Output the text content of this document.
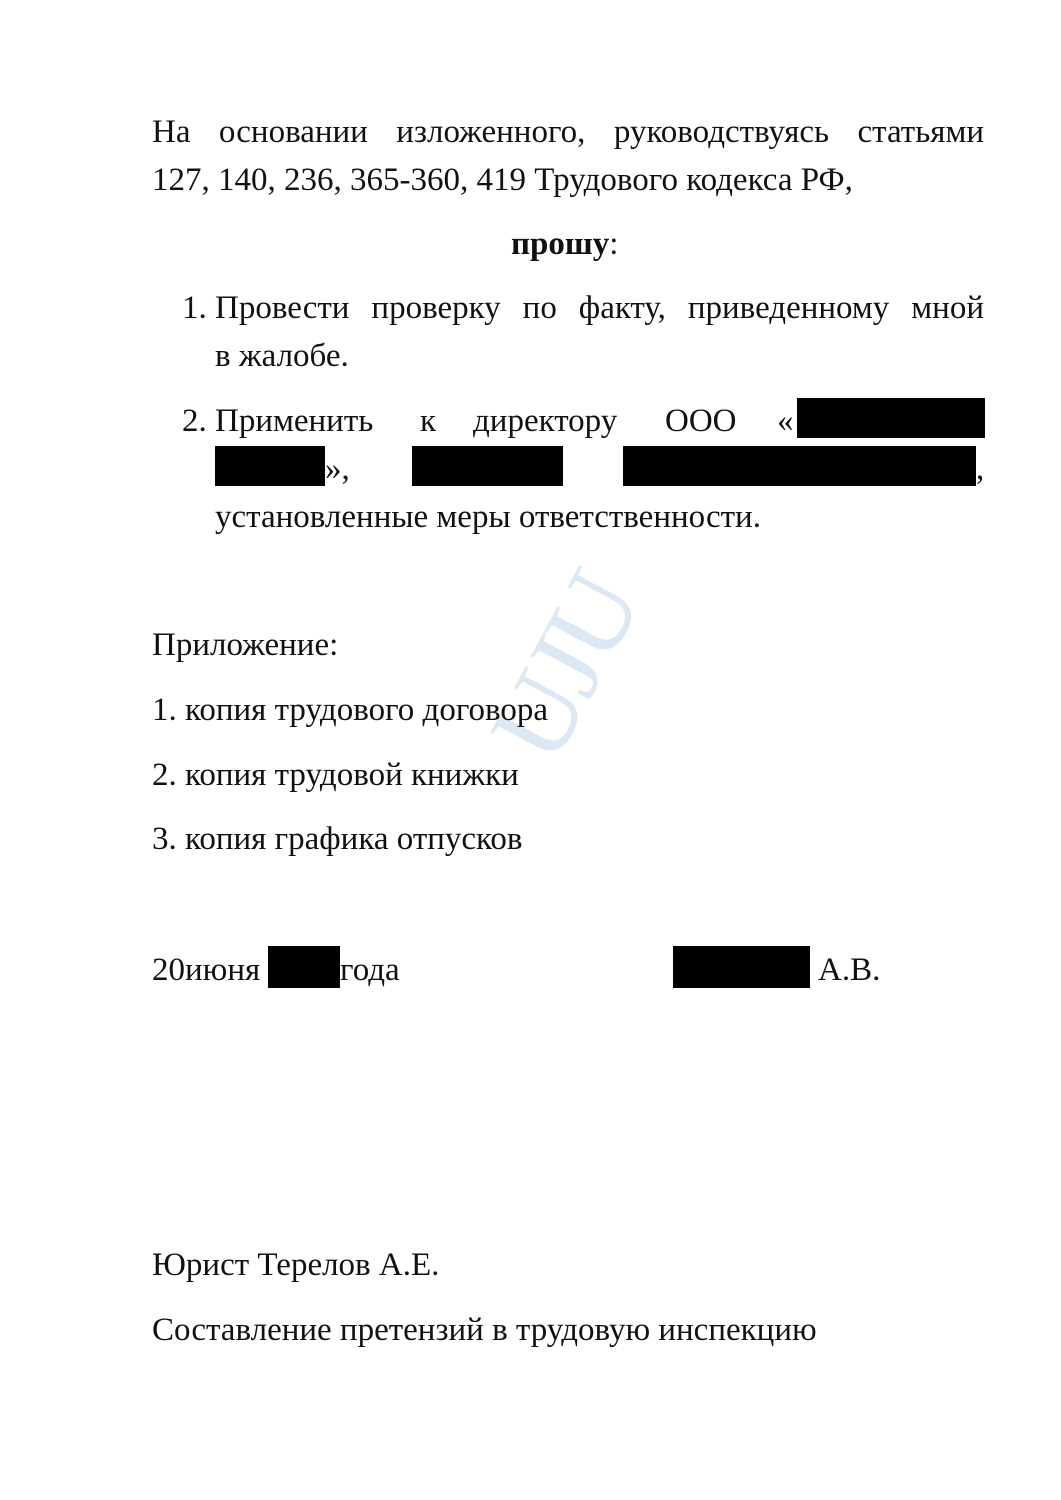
UJU
На основании изложенного, руководствуясь статьями
127, 140, 236, 365-360, 419 Трудового кодекса РФ,
прошу:
1. Провести проверку по факту, приведенному мной
в жалобе.
2. Применить к директору ООО «
»,	,
установленные меры ответственности.
Приложение:
1. копия трудового договора
2. копия трудовой книжки
3. копия графика отпусков
20июня года	А.В.
Юрист Терелов А.Е.
Составление претензий в трудовую инспекцию
